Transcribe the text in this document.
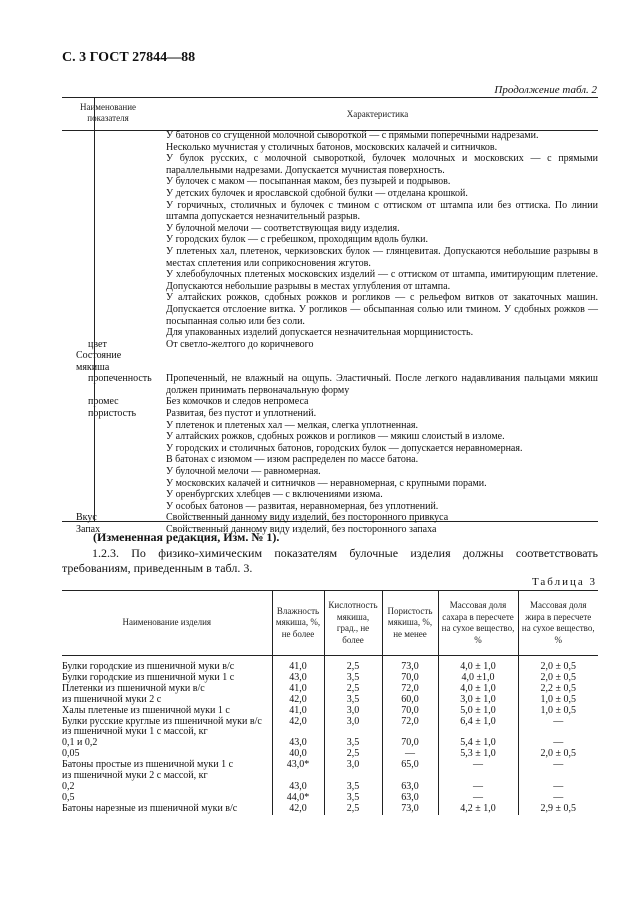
С. 3 ГОСТ 27844—88
Продолжение табл. 2
Наименование показателя	Характеристика
У батонов со сгущенной молочной сывороткой — с прямыми поперечными надрезами.
Несколько мучнистая у столичных батонов, московских калачей и ситничков.
У булок русских, с молочной сывороткой, булочек молочных и московских — с прямыми параллельными надрезами. Допускается мучнистая поверхность.
У булочек с маком — посыпанная маком, без пузырей и подрывов.
У детских булочек и ярославской сдобной булки — отделана крошкой.
У горчичных, столичных и булочек с тмином с оттиском от штампа или без оттиска. По линии штампа допускается незначительный разрыв.
У булочной мелочи — соответствующая виду изделия.
У городских булок — с гребешком, проходящим вдоль булки.
У плетеных хал, плетенок, черкизовских булок — глянцевитая. Допускаются небольшие разрывы в местах сплетения или соприкосновения жгутов.
У хлебобулочных плетеных московских изделий — с оттиском от штампа, имитирующим плетение. Допускаются небольшие разрывы в местах углубления от штампа.
У алтайских рожков, сдобных рожков и рогликов — с рельефом витков от закаточных машин. Допускается отслоение витка. У рогликов — обсыпанная солью или тмином. У сдобных рожков — посыпанная солью или без соли.
Для упакованных изделий допускается незначительная морщинистость.
цвет	От светло-желтого до коричневого
Состояние мякиша
пропеченность	Пропеченный, не влажный на ощупь. Эластичный. После легкого надавливания пальцами мякиш должен принимать первоначальную форму
промес	Без комочков и следов непромеса
пористость	Развитая, без пустот и уплотнений.
У плетенок и плетеных хал — мелкая, слегка уплотненная.
У алтайских рожков, сдобных рожков и рогликов — мякиш слоистый в изломе.
У городских и столичных батонов, городских булок — допускается неравномерная.
В батонах с изюмом — изюм распределен по массе батона.
У булочной мелочи — равномерная.
У московских калачей и ситничков — неравномерная, с крупными порами.
У оренбургских хлебцев — с включениями изюма.
У особых батонов — развитая, неравномерная, без уплотнений.
Вкус	Свойственный данному виду изделий, без посторонного привкуса
Запах	Свойственный данному виду изделий, без посторонного запаха
(Измененная редакция, Изм. № 1).
1.2.3. По физико-химическим показателям булочные изделия должны соответствовать требованиям, приведенным в табл. 3.
Таблица 3
Наименование изделия	Влажность мякиша, %, не более	Кислотность мякиша, град., не более	Пористость мякиша, %, не менее	Массовая доля сахара в пересчете на сухое вещество, %	Массовая доля жира в пересчете на сухое вещество, %
Булки городские из пшеничной муки в/с	41,0	2,5	73,0	4,0 ± 1,0	2,0 ± 0,5
Булки городские из пшеничной муки 1 с	43,0	3,5	70,0	4,0 ±1,0	2,0 ± 0,5
Плетенки из пшеничной муки в/с	41,0	2,5	72,0	4,0 ± 1,0	2,2 ± 0,5
из пшеничной муки 2 с	42,0	3,5	60,0	3,0 ± 1,0	1,0 ± 0,5
Халы плетеные из пшеничной муки 1 с	41,0	3,0	70,0	5,0 ± 1,0	1,0 ± 0,5
Булки русские круглые из пшеничной муки в/с	42,0	3,0	72,0	6,4 ± 1,0	—
из пшеничной муки 1 с массой, кг					
0,1 и 0,2	43,0	3,5	70,0	5,4 ± 1,0	—
0,05	40,0	2,5	—	5,3 ± 1,0	2,0 ± 0,5
Батоны простые из пшеничной муки 1 с	43,0*	3,0	65,0	—	—
из пшеничной муки 2 с массой, кг					
0,2	43,0	3,5	63,0	—	—
0,5	44,0*	3,5	63,0	—	—
Батоны нарезные из пшеничной муки в/с	42,0	2,5	73,0	4,2 ± 1,0	2,9 ± 0,5
